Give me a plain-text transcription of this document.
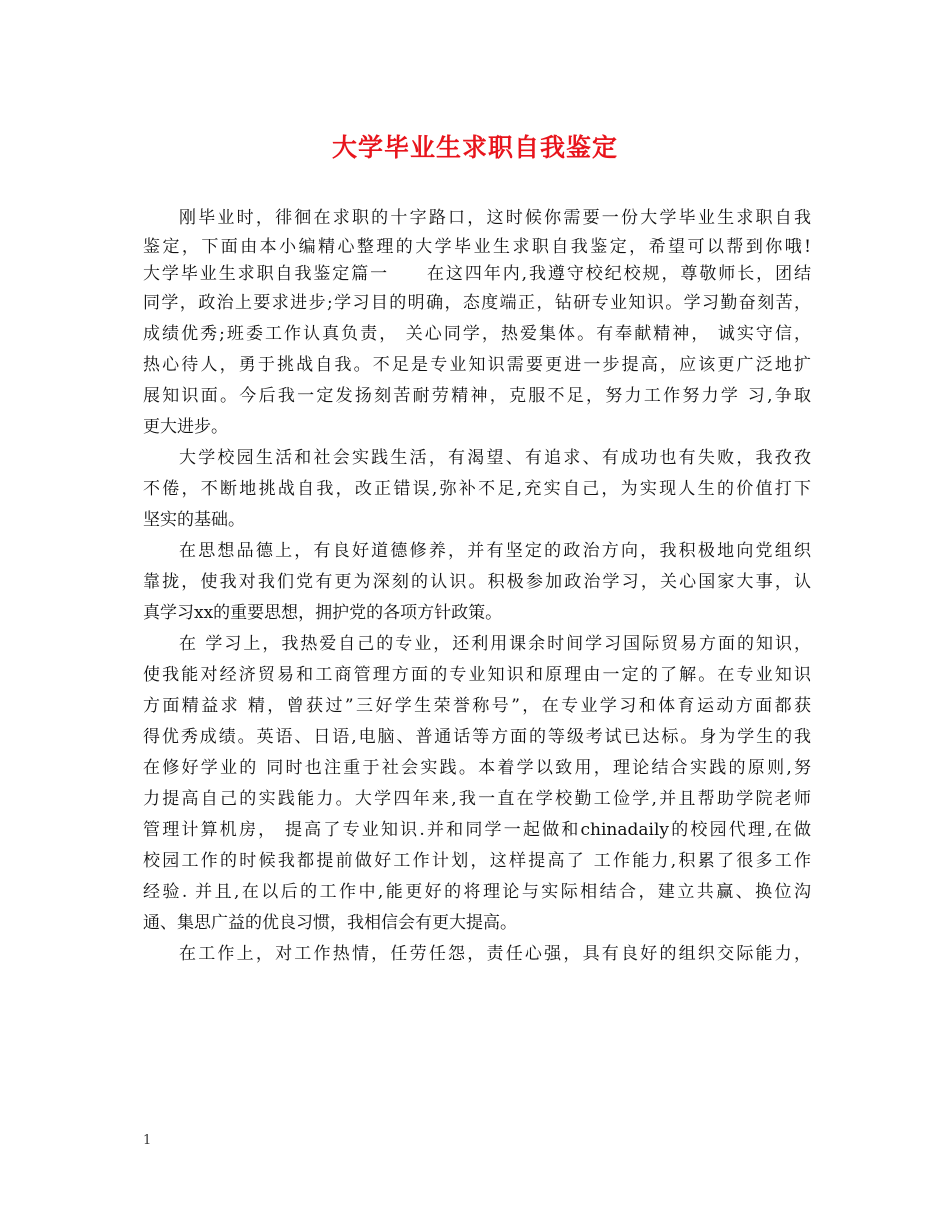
大学毕业生求职自我鉴定
刚毕业时，徘徊在求职的十字路口，这时候你需要一份大学毕业生求职自我
鉴定，下面由本小编精心整理的大学毕业生求职自我鉴定，希望可以帮到你哦!
大学毕业生求职自我鉴定篇一　　在这四年内,我遵守校纪校规，尊敬师长，团结
同学，政治上要求进步;学习目的明确，态度端正，钻研专业知识。学习勤奋刻苦，
成绩优秀;班委工作认真负责， 关心同学，热爱集体。有奉献精神， 诚实守信，
热心待人，勇于挑战自我。不足是专业知识需要更进一步提高，应该更广泛地扩
展知识面。今后我一定发扬刻苦耐劳精神，克服不足，努力工作努力学 习,争取
更大进步。
大学校园生活和社会实践生活，有渴望、有追求、有成功也有失败，我孜孜
不倦，不断地挑战自我，改正错误,弥补不足,充实自己，为实现人生的价值打下
坚实的基础。
在思想品德上，有良好道德修养，并有坚定的政治方向，我积极地向党组织
靠拢，使我对我们党有更为深刻的认识。积极参加政治学习，关心国家大事，认
真学习xx的重要思想，拥护党的各项方针政策。
在 学习上，我热爱自己的专业，还利用课余时间学习国际贸易方面的知识，
使我能对经济贸易和工商管理方面的专业知识和原理由一定的了解。在专业知识
方面精益求 精，曾获过”三好学生荣誉称号”，在专业学习和体育运动方面都获
得优秀成绩。英语、日语,电脑、普通话等方面的等级考试已达标。身为学生的我
在修好学业的 同时也注重于社会实践。本着学以致用，理论结合实践的原则,努
力提高自己的实践能力。大学四年来,我一直在学校勤工俭学,并且帮助学院老师
管理计算机房， 提高了专业知识.并和同学一起做和chinadaily的校园代理,在做
校园工作的时候我都提前做好工作计划，这样提高了 工作能力,积累了很多工作
经验. 并且,在以后的工作中,能更好的将理论与实际相结合，建立共赢、换位沟
通、集思广益的优良习惯，我相信会有更大提高。
在工作上，对工作热情，任劳任怨，责任心强，具有良好的组织交际能力，
1
